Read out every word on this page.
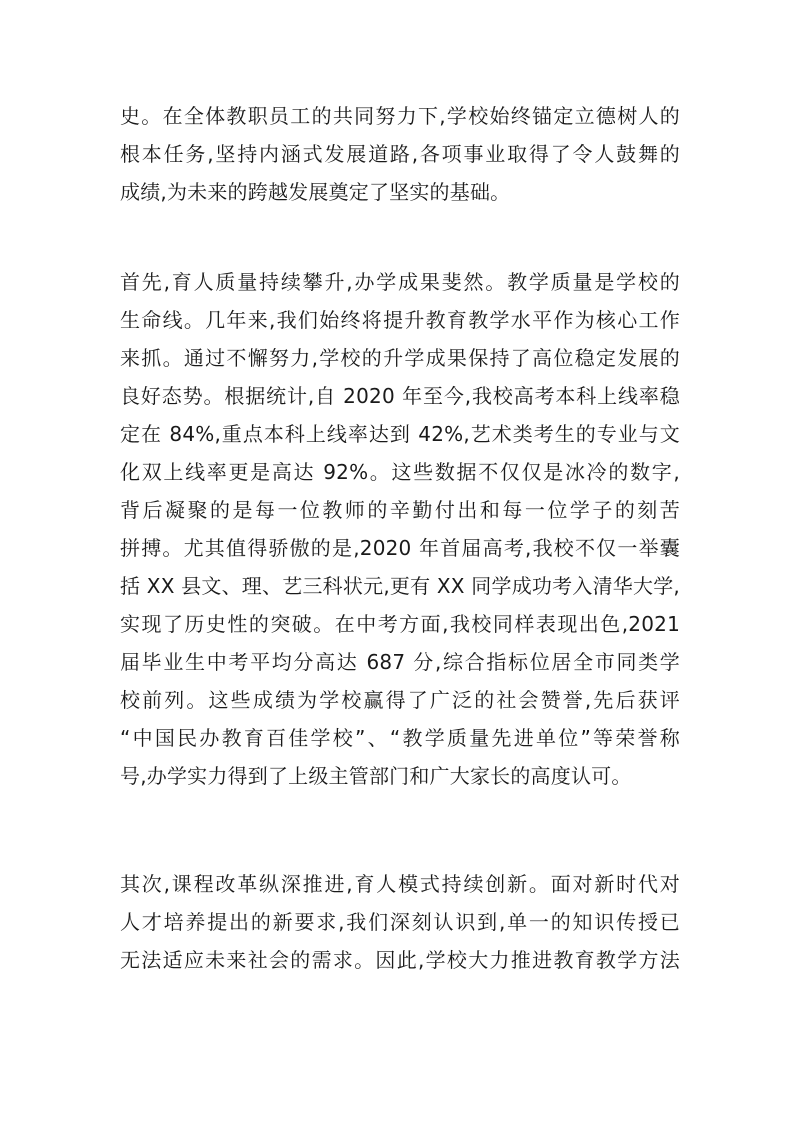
史。在全体教职员工的共同努力下,学校始终锚定立德树人的
根本任务,坚持内涵式发展道路,各项事业取得了令人鼓舞的
成绩,为未来的跨越发展奠定了坚实的基础。
首先,育人质量持续攀升,办学成果斐然。教学质量是学校的
生命线。几年来,我们始终将提升教育教学水平作为核心工作
来抓。通过不懈努力,学校的升学成果保持了高位稳定发展的
良好态势。根据统计,自 2020 年至今,我校高考本科上线率稳
定在 84%,重点本科上线率达到 42%,艺术类考生的专业与文
化双上线率更是高达 92%。这些数据不仅仅是冰冷的数字,
背后凝聚的是每一位教师的辛勤付出和每一位学子的刻苦
拼搏。尤其值得骄傲的是,2020 年首届高考,我校不仅一举囊
括 XX 县文、理、艺三科状元,更有 XX 同学成功考入清华大学,
实现了历史性的突破。在中考方面,我校同样表现出色,2021
届毕业生中考平均分高达 687 分,综合指标位居全市同类学
校前列。这些成绩为学校赢得了广泛的社会赞誉,先后获评
“中国民办教育百佳学校”、“教学质量先进单位”等荣誉称
号,办学实力得到了上级主管部门和广大家长的高度认可。
其次,课程改革纵深推进,育人模式持续创新。面对新时代对
人才培养提出的新要求,我们深刻认识到,单一的知识传授已
无法适应未来社会的需求。因此,学校大力推进教育教学方法
